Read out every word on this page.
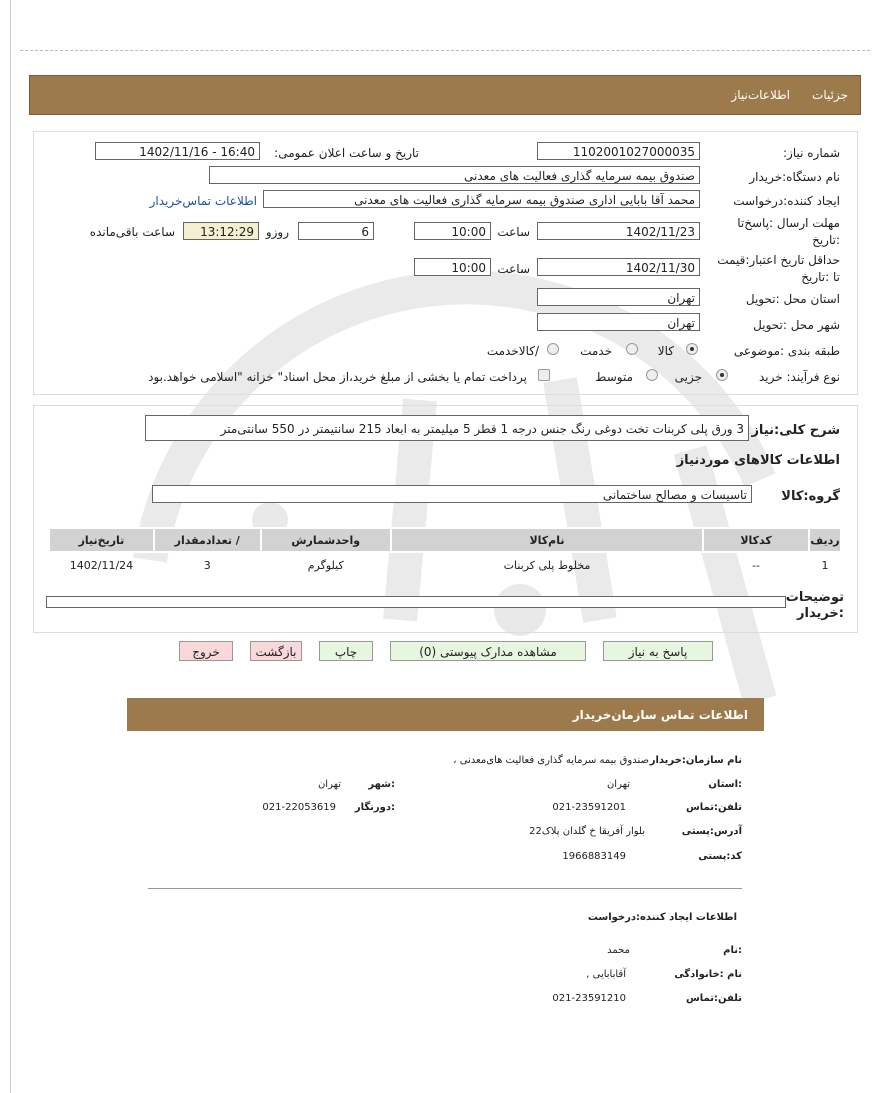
جزئیات
اطلاعات‌نیاز
شماره نیاز:
1102001027000035
تاریخ و ساعت اعلان عمومی:
1402/11/16 - 16:40
نام دستگاه:خریدار
صندوق بیمه سرمایه گذاری فعالیت های معدنی
ایجاد کننده:درخواست
محمد آقا بابایی اداری صندوق بیمه سرمایه گذاری فعالیت های معدنی
اطلاعات تماس‌خریدار
مهلت ارسال :پاسخ‌تا
:تاریخ
1402/11/23
ساعت
10:00
6
روزو
13:12:29
ساعت باقی‌مانده
حداقل تاریخ اعتبار:قیمت
تا :تاریخ
1402/11/30
ساعت
10:00
استان محل :تحویل
تهران
شهر محل :تحویل
تهران
طبقه بندی :موضوعی
کالا
خدمت
/کالاخدمت
نوع فرآیند: خرید
جزیی
متوسط
پرداخت تمام یا بخشی از مبلغ خرید،از محل اسناد" خزانه "اسلامی خواهد.بود
شرح کلی:نیاز
3 ورق پلی کربنات تخت دوغی رنگ جنس درجه 1 قطر 5 میلیمتر به ابعاد 215 سانتیمتر در 550 سانتی‌متر
اطلاعات کالاهای موردنیاز
گروه:کالا
تاسیسات و مصالح ساختمانی
ردیف	کدکالا	نام‌کالا	واحدشمارش	/ تعدادمقدار	تاریخ‌نیاز
1	--	مخلوط پلی کربنات	کیلوگرم	3	1402/11/24
توضیحات
:خریدار
پاسخ به نیاز
مشاهده مدارک پیوستی (0)
چاپ
بازگشت
خروج
اطلاعات تماس سازمان‌خریدار
نام سازمان:خریدار
صندوق بیمه سرمایه گذاری فعالیت های‌معدنی ،
:استان
تهران
:شهر
تهران
تلفن:تماس
021-23591201
:دورنگار
021-22053619
آدرس:پستی
بلوار آفریقا خ گلدان پلاک22
کد:پستی
1966883149
اطلاعات ایجاد کننده:درخواست
:نام
محمد
نام :خانوادگی
آقابابایی ,
تلفن:تماس
021-23591210
